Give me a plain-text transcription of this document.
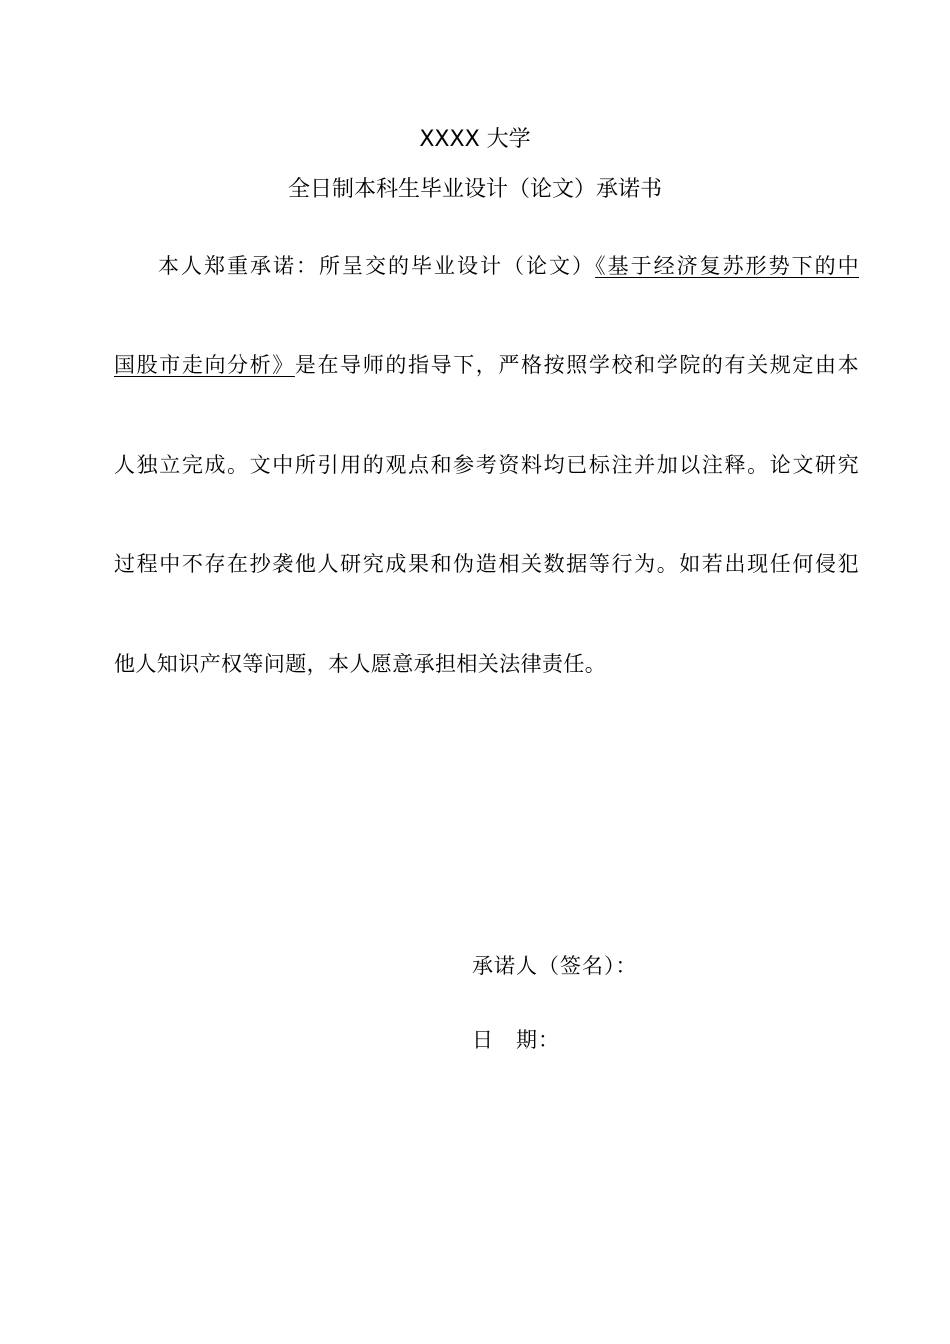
XXXX 大学
全日制本科生毕业设计（论文）承诺书
本人郑重承诺：所呈交的毕业设计（论文）《基于经济复苏形势下的中
国股市走向分析》是在导师的指导下，严格按照学校和学院的有关规定由本
人独立完成。文中所引用的观点和参考资料均已标注并加以注释。论文研究
过程中不存在抄袭他人研究成果和伪造相关数据等行为。如若出现任何侵犯
他人知识产权等问题，本人愿意承担相关法律责任。
承诺人（签名）：
日　期：
